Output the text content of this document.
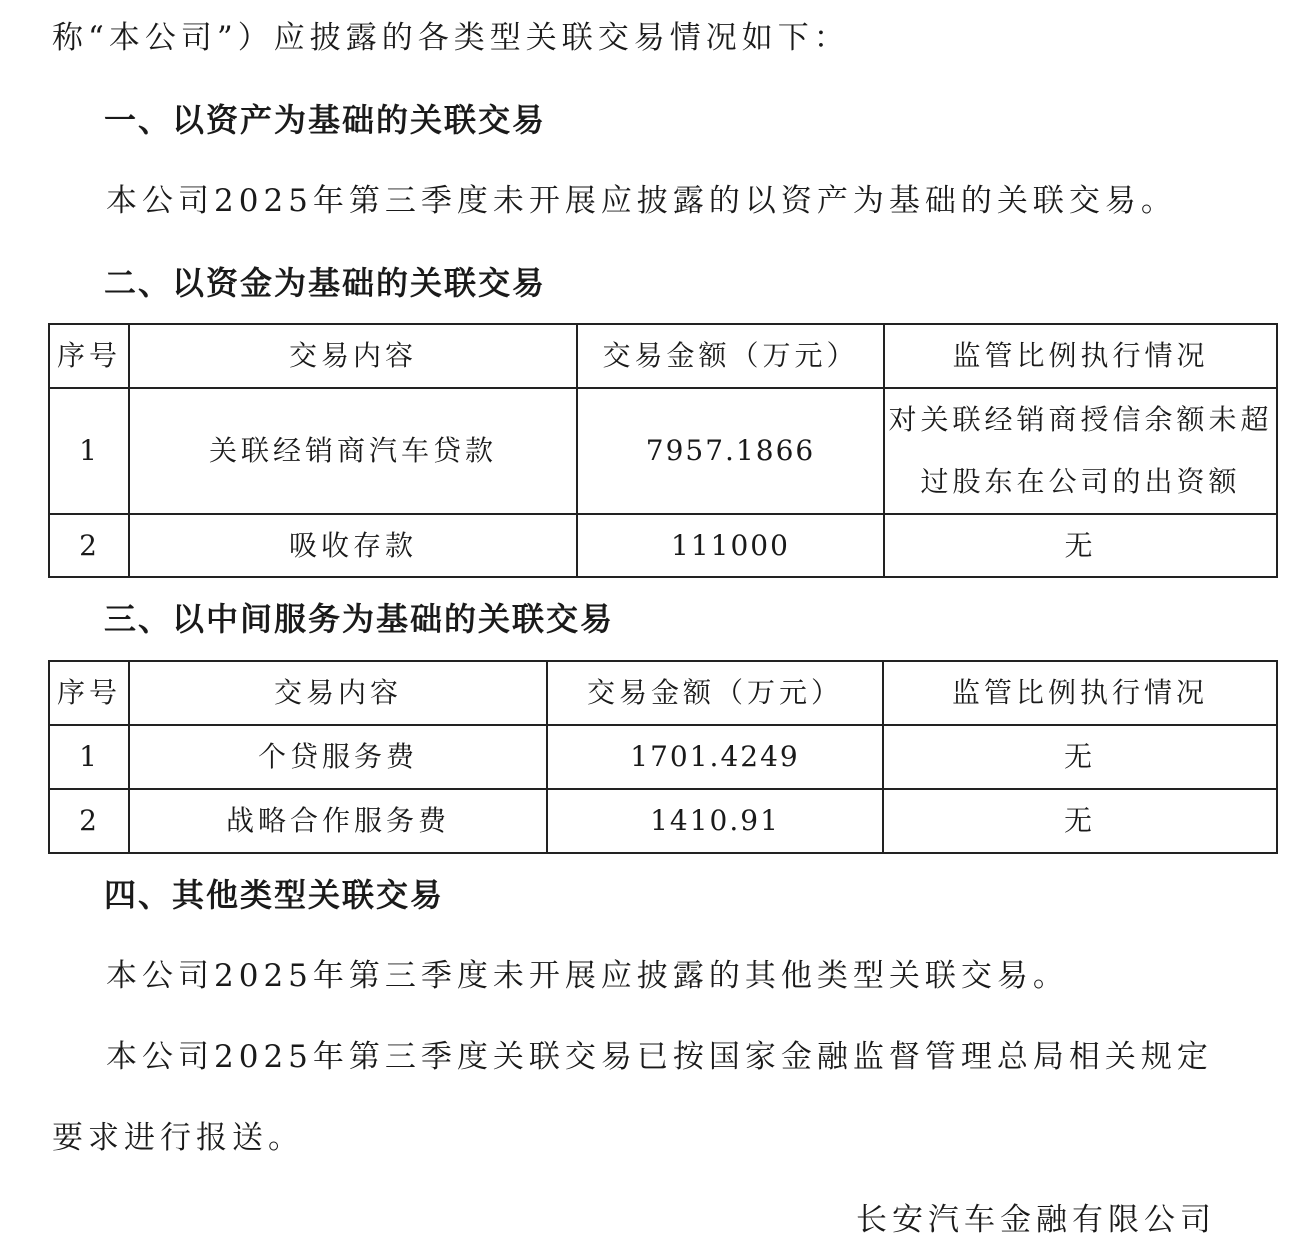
称“本公司”）应披露的各类型关联交易情况如下：
一、以资产为基础的关联交易
本公司2025年第三季度未开展应披露的以资产为基础的关联交易。
二、以资金为基础的关联交易
序号	交易内容	交易金额（万元）	监管比例执行情况
1	关联经销商汽车贷款	7957.1866	对关联经销商授信余额未超
过股东在公司的出资额

2	吸收存款	111000	无
三、以中间服务为基础的关联交易
序号	交易内容	交易金额（万元）	监管比例执行情况
1	个贷服务费	1701.4249	无
2	战略合作服务费	1410.91	无
四、其他类型关联交易
本公司2025年第三季度未开展应披露的其他类型关联交易。
本公司2025年第三季度关联交易已按国家金融监督管理总局相关规定
要求进行报送。
长安汽车金融有限公司
